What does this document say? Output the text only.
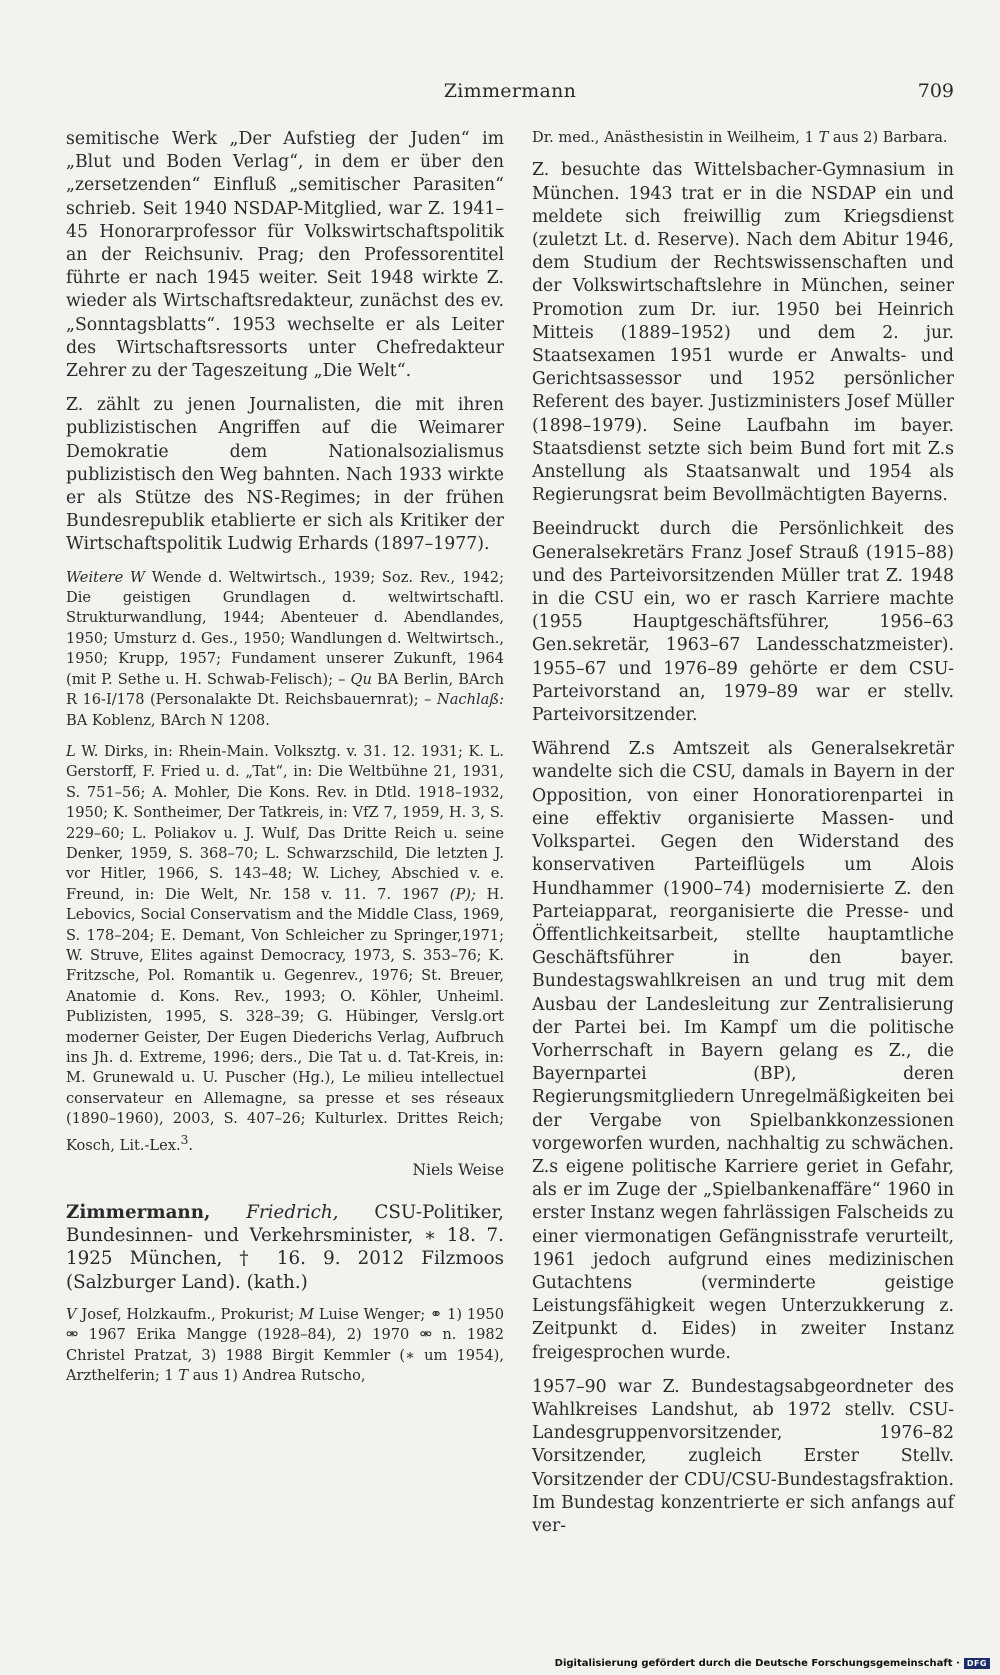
Zimmermann	709

semitische Werk „Der Aufstieg der Juden“ im „Blut und Boden Verlag“, in dem er über den „zersetzenden“ Einfluß „semitischer Parasiten“ schrieb. Seit 1940 NSDAP-Mitglied, war Z. 1941–45 Honorarprofessor für Volkswirtschaftspolitik an der Reichsuniv. Prag; den Professorentitel führte er nach 1945 weiter. Seit 1948 wirkte Z. wieder als Wirtschaftsredakteur, zunächst des ev. „Sonntagsblatts“. 1953 wechselte er als Leiter des Wirtschaftsressorts unter Chefredakteur Zehrer zu der Tageszeitung „Die Welt“.

Z. zählt zu jenen Journalisten, die mit ihren publizistischen Angriffen auf die Weimarer Demokratie dem Nationalsozialismus publizistisch den Weg bahnten. Nach 1933 wirkte er als Stütze des NS-Regimes; in der frühen Bundesrepublik etablierte er sich als Kritiker der Wirtschaftspolitik Ludwig Erhards (1897–1977).

Weitere W Wende d. Weltwirtsch., 1939; Soz. Rev., 1942; Die geistigen Grundlagen d. weltwirtschaftl. Strukturwandlung, 1944; Abenteuer d. Abendlandes, 1950; Umsturz d. Ges., 1950; Wandlungen d. Weltwirtsch., 1950; Krupp, 1957; Fundament unserer Zukunft, 1964 (mit P. Sethe u. H. Schwab-Felisch); – Qu BA Berlin, BArch R 16-I/178 (Personalakte Dt. Reichsbauernrat); – Nachlaß: BA Koblenz, BArch N 1208.

L W. Dirks, in: Rhein-Main. Volksztg. v. 31. 12. 1931; K. L. Gerstorff, F. Fried u. d. „Tat“, in: Die Weltbühne 21, 1931, S. 751–56; A. Mohler, Die Kons. Rev. in Dtld. 1918–1932, 1950; K. Sontheimer, Der Tatkreis, in: VfZ 7, 1959, H. 3, S. 229–60; L. Poliakov u. J. Wulf, Das Dritte Reich u. seine Denker, 1959, S. 368–70; L. Schwarzschild, Die letzten J. vor Hitler, 1966, S. 143–48; W. Lichey, Abschied v. e. Freund, in: Die Welt, Nr. 158 v. 11. 7. 1967 (P); H. Lebovics, Social Conservatism and the Middle Class, 1969, S. 178–204; E. Demant, Von Schleicher zu Springer,1971; W. Struve, Elites against Democracy, 1973, S. 353–76; K. Fritzsche, Pol. Romantik u. Gegenrev., 1976; St. Breuer, Anatomie d. Kons. Rev., 1993; O. Köhler, Unheiml. Publizisten, 1995, S. 328–39; G. Hübinger, Verslg.ort moderner Geister, Der Eugen Diederichs Verlag, Aufbruch ins Jh. d. Extreme, 1996; ders., Die Tat u. d. Tat-Kreis, in: M. Grunewald u. U. Puscher (Hg.), Le milieu intellectuel conservateur en Allemagne, sa presse et ses réseaux (1890–1960), 2003, S. 407–26; Kulturlex. Drittes Reich; Kosch, Lit.-Lex.$^3$.

Niels Weise

Zimmermann, Friedrich, CSU-Politiker, Bundesinnen- und Verkehrsminister, ∗ 18. 7. 1925 München, † 16. 9. 2012 Filzmoos (Salzburger Land). (kath.)

V Josef, Holzkaufm., Prokurist; M Luise Wenger; ⚭ 1) 1950 ⚮ 1967 Erika Mangge (1928–84), 2) 1970 ⚮ n. 1982 Christel Pratzat, 3) 1988 Birgit Kemmler (∗ um 1954), Arzthelferin; 1 T aus 1) Andrea Rutscho,

Dr. med., Anästhesistin in Weilheim, 1 T aus 2) Barbara.

Z. besuchte das Wittelsbacher-Gymnasium in München. 1943 trat er in die NSDAP ein und meldete sich freiwillig zum Kriegsdienst (zuletzt Lt. d. Reserve). Nach dem Abitur 1946, dem Studium der Rechtswissenschaften und der Volkswirtschaftslehre in München, seiner Promotion zum Dr. iur. 1950 bei Heinrich Mitteis (1889–1952) und dem 2. jur. Staatsexamen 1951 wurde er Anwalts- und Gerichtsassessor und 1952 persönlicher Referent des bayer. Justizministers Josef Müller (1898–1979). Seine Laufbahn im bayer. Staatsdienst setzte sich beim Bund fort mit Z.s Anstellung als Staatsanwalt und 1954 als Regierungsrat beim Bevollmächtigten Bayerns.

Beeindruckt durch die Persönlichkeit des Generalsekretärs Franz Josef Strauß (1915–88) und des Parteivorsitzenden Müller trat Z. 1948 in die CSU ein, wo er rasch Karriere machte (1955 Hauptgeschäftsführer, 1956–63 Gen.sekretär, 1963–67 Landesschatzmeister). 1955–67 und 1976–89 gehörte er dem CSU-Parteivorstand an, 1979–89 war er stellv. Parteivorsitzender.

Während Z.s Amtszeit als Generalsekretär wandelte sich die CSU, damals in Bayern in der Opposition, von einer Honoratiorenpartei in eine effektiv organisierte Massen- und Volkspartei. Gegen den Widerstand des konservativen Parteiflügels um Alois Hundhammer (1900–74) modernisierte Z. den Parteiapparat, reorganisierte die Presse- und Öffentlichkeitsarbeit, stellte hauptamtliche Geschäftsführer in den bayer. Bundestagswahlkreisen an und trug mit dem Ausbau der Landesleitung zur Zentralisierung der Partei bei. Im Kampf um die politische Vorherrschaft in Bayern gelang es Z., die Bayernpartei (BP), deren Regierungsmitgliedern Unregelmäßigkeiten bei der Vergabe von Spielbankkonzessionen vorgeworfen wurden, nachhaltig zu schwächen. Z.s eigene politische Karriere geriet in Gefahr, als er im Zuge der „Spielbankenaffäre“ 1960 in erster Instanz wegen fahrlässigen Falscheids zu einer viermonatigen Gefängnisstrafe verurteilt, 1961 jedoch aufgrund eines medizinischen Gutachtens (verminderte geistige Leistungsfähigkeit wegen Unterzukkerung z. Zeitpunkt d. Eides) in zweiter Instanz freigesprochen wurde.

1957–90 war Z. Bundestagsabgeordneter des Wahlkreises Landshut, ab 1972 stellv. CSU-Landesgruppenvorsitzender, 1976–82 Vorsitzender, zugleich Erster Stellv. Vorsitzender der CDU/CSU-Bundestagsfraktion. Im Bundestag konzentrierte er sich anfangs auf ver-

Digitalisierung gefördert durch die Deutsche Forschungsgemeinschaft · DFG
